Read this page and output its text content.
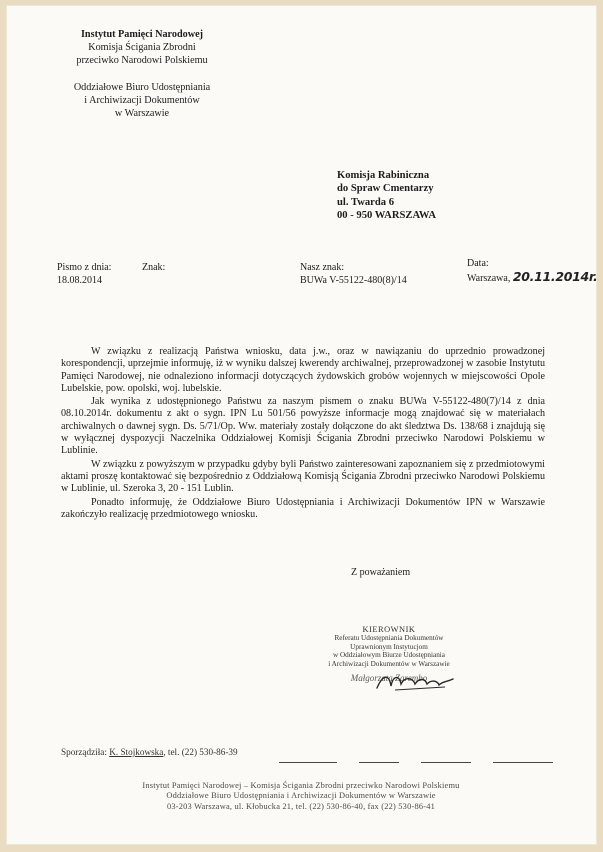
Instytut Pamięci Narodowej
Komisja Ścigania Zbrodni
przeciwko Narodowi Polskiemu
Oddziałowe Biuro Udostępniania
i Archiwizacji Dokumentów
w Warszawie
Komisja Rabiniczna
do Spraw Cmentarzy
ul. Twarda 6
00 - 950 WARSZAWA
Pismo z dnia:
18.08.2014
Znak:	Nasz znak:
BUWa V-55122-480(8)/14
Data:
Warszawa, 20.11.2014r.

W związku z realizacją Państwa wniosku, data j.w., oraz w nawiązaniu do uprzednio prowadzonej korespondencji, uprzejmie informuję, iż w wyniku dalszej kwerendy archiwalnej, przeprowadzonej w zasobie Instytutu Pamięci Narodowej, nie odnaleziono informacji dotyczących żydowskich grobów wojennych w miejscowości Opole Lubelskie, pow. opolski, woj. lubelskie.

Jak wynika z udostępnionego Państwu za naszym pismem o znaku BUWa V-55122-480(7)/14 z dnia 08.10.2014r. dokumentu z akt o sygn. IPN Lu 501/56 powyższe informacje mogą znajdować się w materiałach archiwalnych o dawnej sygn. Ds. 5/71/Op. Ww. materiały zostały dołączone do akt śledztwa Ds. 138/68 i znajdują się w wyłącznej dyspozycji Naczelnika Oddziałowej Komisji Ścigania Zbrodni przeciwko Narodowi Polskiemu w Lublinie.

W związku z powyższym w przypadku gdyby byli Państwo zainteresowani zapoznaniem się z przedmiotowymi aktami proszę kontaktować się bezpośrednio z Oddziałową Komisją Ścigania Zbrodni przeciwko Narodowi Polskiemu w Lublinie, ul. Szeroka 3, 20 - 151 Lublin.

Ponadto informuję, że Oddziałowe Biuro Udostępniania i Archiwizacji Dokumentów IPN w Warszawie zakończyło realizację przedmiotowego wniosku.

Z poważaniem
KIEROWNIK
Referatu Udostępniania Dokumentów
Uprawnionym Instytucjom
w Oddziałowym Biurze Udostępniania
i Archiwizacji Dokumentów w Warszawie
Małgorzata Zarembo
Sporządziła: K. Stojkowska, tel. (22) 530-86-39
Instytut Pamięci Narodowej – Komisja Ścigania Zbrodni przeciwko Narodowi Polskiemu
Oddziałowe Biuro Udostępniania i Archiwizacji Dokumentów w Warszawie
03-203 Warszawa, ul. Kłobucka 21, tel. (22) 530-86-40, fax (22) 530-86-41
